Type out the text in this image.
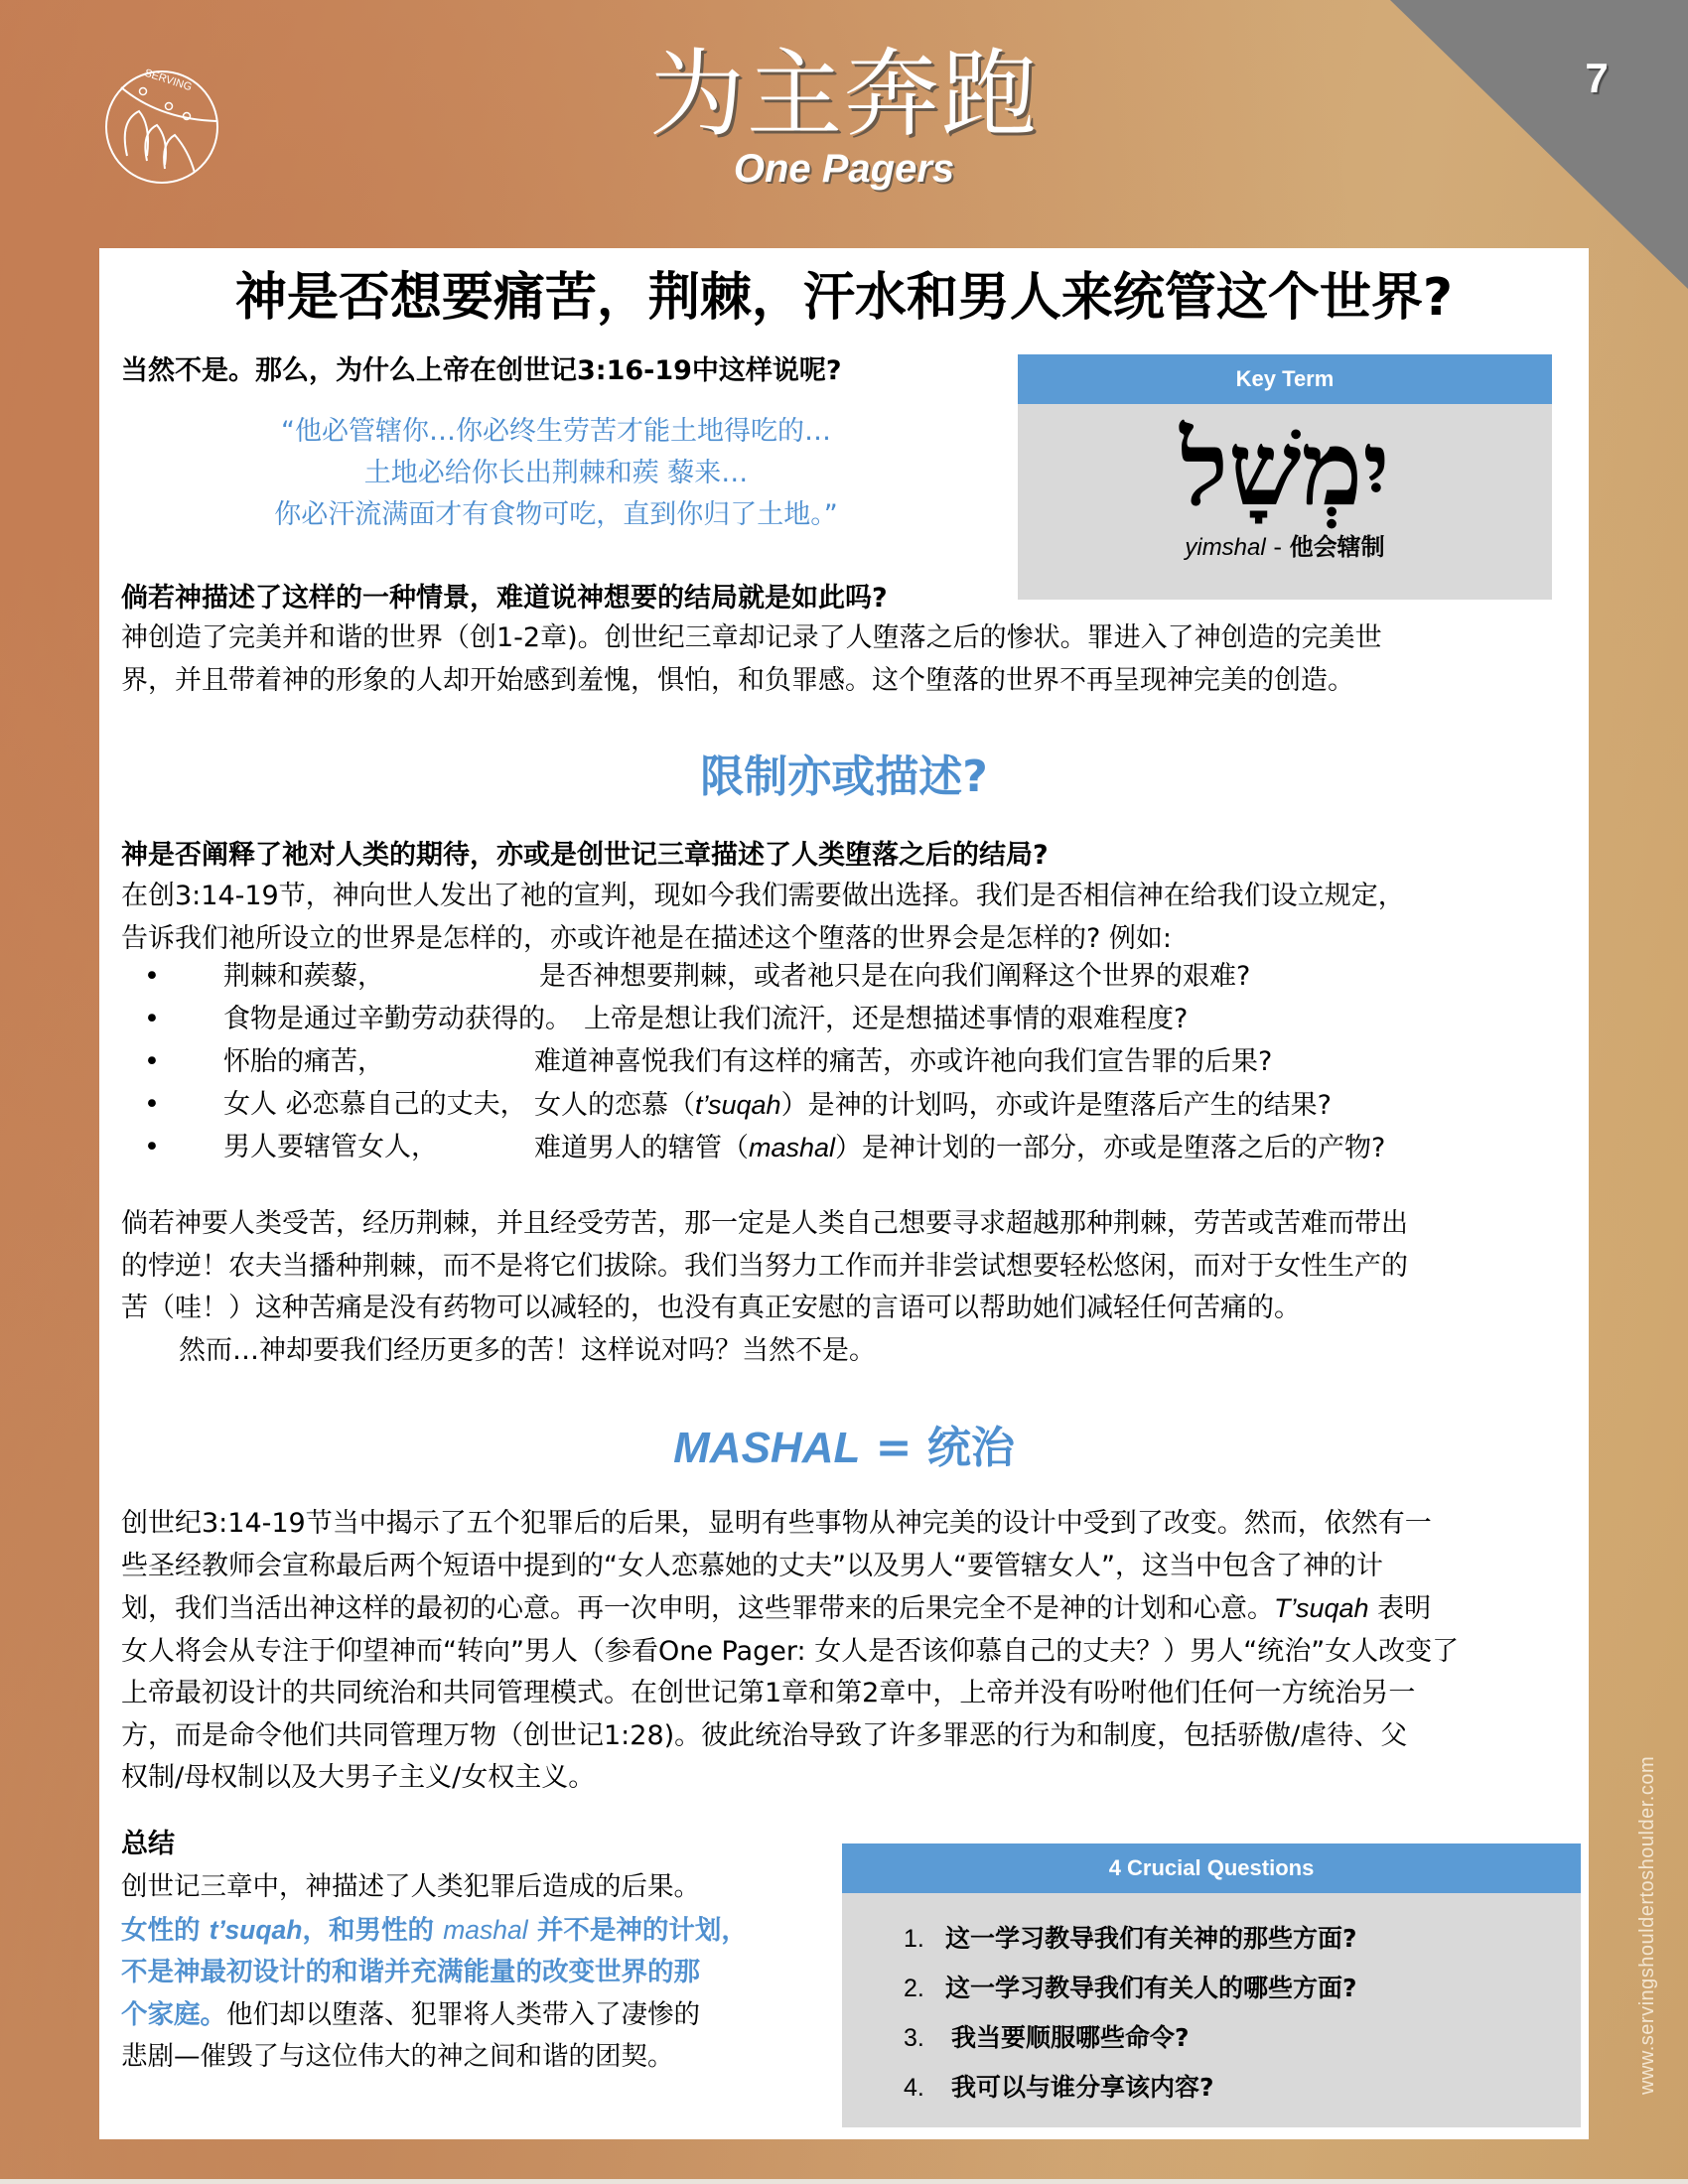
7
SERVING	为主奔跑
One Pagers
神是否想要痛苦，荆棘，汗水和男人来统管这个世界?
当然不是。那么，为什么上帝在创世记3:16-19中这样说呢?
“他必管辖你…你必终生劳苦才能土地得吃的…
土地必给你长出荆棘和蒺 藜来…
你必汗流满面才有食物可吃，直到你归了土地。”
Key Term
יִמְשָׁל
yimshal - 他会辖制
倘若神描述了这样的一种情景，难道说神想要的结局就是如此吗?
神创造了完美并和谐的世界（创1-2章)。创世纪三章却记录了人堕落之后的惨状。罪进入了神创造的完美世
界，并且带着神的形象的人却开始感到羞愧，惧怕，和负罪感。这个堕落的世界不再呈现神完美的创造。
限制亦或描述?
神是否阐释了祂对人类的期待，亦或是创世记三章描述了人类堕落之后的结局?
在创3:14-19节，神向世人发出了祂的宣判，现如今我们需要做出选择。我们是否相信神在给我们设立规定，
告诉我们祂所设立的世界是怎样的，亦或许祂是在描述这个堕落的世界会是怎样的? 例如:
• 荆棘和蒺藜，	是否神想要荆棘，或者祂只是在向我们阐释这个世界的艰难?
• 食物是通过辛勤劳动获得的。 上帝是想让我们流汗，还是想描述事情的艰难程度?
• 怀胎的痛苦，	难道神喜悦我们有这样的痛苦，亦或许祂向我们宣告罪的后果?
• 女人 必恋慕自己的丈夫， 女人的恋慕（t’suqah）是神的计划吗，亦或许是堕落后产生的结果?
• 男人要辖管女人，	难道男人的辖管（mashal）是神计划的一部分，亦或是堕落之后的产物?
倘若神要人类受苦，经历荆棘，并且经受劳苦，那一定是人类自己想要寻求超越那种荆棘，劳苦或苦难而带出
的悖逆！农夫当播种荆棘，而不是将它们拔除。我们当努力工作而并非尝试想要轻松悠闲，而对于女性生产的
苦（哇！）这种苦痛是没有药物可以减轻的，也没有真正安慰的言语可以帮助她们减轻任何苦痛的。
然而…神却要我们经历更多的苦！这样说对吗？当然不是。
MASHAL = 统治
创世纪3:14-19节当中揭示了五个犯罪后的后果，显明有些事物从神完美的设计中受到了改变。然而，依然有一
些圣经教师会宣称最后两个短语中提到的“女人恋慕她的丈夫”以及男人“要管辖女人”，这当中包含了神的计
划，我们当活出神这样的最初的心意。再一次申明，这些罪带来的后果完全不是神的计划和心意。T’suqah 表明
女人将会从专注于仰望神而“转向”男人（参看One Pager: 女人是否该仰慕自己的丈夫？）男人“统治”女人改变了
上帝最初设计的共同统治和共同管理模式。在创世记第1章和第2章中，上帝并没有吩咐他们任何一方统治另一
方，而是命令他们共同管理万物（创世记1:28)。彼此统治导致了许多罪恶的行为和制度，包括骄傲/虐待、父
权制/母权制以及大男子主义/女权主义。
总结
创世记三章中，神描述了人类犯罪后造成的后果。
女性的 t’suqah，和男性的 mashal 并不是神的计划，
不是神最初设计的和谐并充满能量的改变世界的那
个家庭。他们却以堕落、犯罪将人类带入了凄惨的
悲剧—催毁了与这位伟大的神之间和谐的团契。
4 Crucial Questions
1. 这一学习教导我们有关神的那些方面?
2. 这一学习教导我们有关人的哪些方面?
3. 我当要顺服哪些命令?
4. 我可以与谁分享该内容?	www.servingshouldertoshoulder.com
